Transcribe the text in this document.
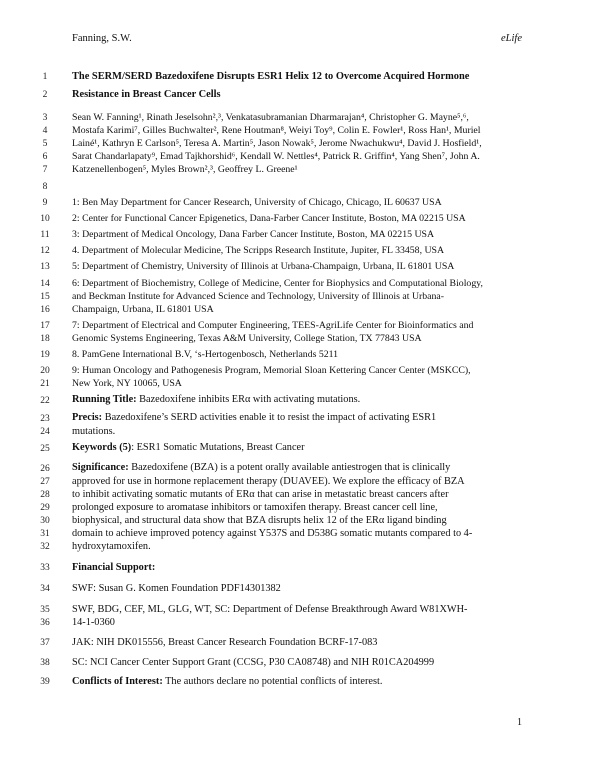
Fanning, S.W.	eLife
1
2
3
4
5
6
7
8
9
10
11
12
13
14
15
16
17
18
19
20
21
22
23
24
25
26
27
28
29
30
31
32
33
34
35
36
37
38
39
The SERM/SERD Bazedoxifene Disrupts ESR1 Helix 12 to Overcome Acquired Hormone
Resistance in Breast Cancer Cells
Sean W. Fanning¹, Rinath Jeselsohn²,³, Venkatasubramanian Dharmarajan⁴, Christopher G. Mayne⁵,⁶,
Mostafa Karimi⁷, Gilles Buchwalter², Rene Houtman⁸, Weiyi Toy⁹, Colin E. Fowler¹, Ross Han¹, Muriel
Lainé¹, Kathryn E Carlson⁵, Teresa A. Martin⁵, Jason Nowak⁵, Jerome Nwachukwu⁴, David J. Hosfield¹,
Sarat Chandarlapaty⁹, Emad Tajkhorshid⁶, Kendall W. Nettles⁴, Patrick R. Griffin⁴, Yang Shen⁷, John A.
Katzenellenbogen⁵, Myles Brown²,³, Geoffrey L. Greene¹
1: Ben May Department for Cancer Research, University of Chicago, Chicago, IL 60637 USA
2: Center for Functional Cancer Epigenetics, Dana-Farber Cancer Institute, Boston, MA 02215 USA
3: Department of Medical Oncology, Dana Farber Cancer Institute, Boston, MA 02215 USA
4. Department of Molecular Medicine, The Scripps Research Institute, Jupiter, FL 33458, USA
5: Department of Chemistry, University of Illinois at Urbana-Champaign, Urbana, IL 61801 USA
6: Department of Biochemistry, College of Medicine, Center for Biophysics and Computational Biology,
and Beckman Institute for Advanced Science and Technology, University of Illinois at Urbana-
Champaign, Urbana, IL 61801 USA
7: Department of Electrical and Computer Engineering, TEES-AgriLife Center for Bioinformatics and
Genomic Systems Engineering, Texas A&M University, College Station, TX 77843 USA
8. PamGene International B.V, ‘s-Hertogenbosch, Netherlands 5211
9: Human Oncology and Pathogenesis Program, Memorial Sloan Kettering Cancer Center (MSKCC),
New York, NY 10065, USA
Running Title: Bazedoxifene inhibits ERα with activating mutations.
Precis: Bazedoxifene’s SERD activities enable it to resist the impact of activating ESR1
mutations.
Keywords (5): ESR1 Somatic Mutations, Breast Cancer
Significance: Bazedoxifene (BZA) is a potent orally available antiestrogen that is clinically
approved for use in hormone replacement therapy (DUAVEE). We explore the efficacy of BZA
to inhibit activating somatic mutants of ERα that can arise in metastatic breast cancers after
prolonged exposure to aromatase inhibitors or tamoxifen therapy. Breast cancer cell line,
biophysical, and structural data show that BZA disrupts helix 12 of the ERα ligand binding
domain to achieve improved potency against Y537S and D538G somatic mutants compared to 4-
hydroxytamoxifen.
Financial Support:
SWF: Susan G. Komen Foundation PDF14301382
SWF, BDG, CEF, ML, GLG, WT, SC: Department of Defense Breakthrough Award W81XWH-
14-1-0360
JAK: NIH DK015556, Breast Cancer Research Foundation BCRF-17-083
SC: NCI Cancer Center Support Grant (CCSG, P30 CA08748) and NIH R01CA204999
Conflicts of Interest: The authors declare no potential conflicts of interest.
1
